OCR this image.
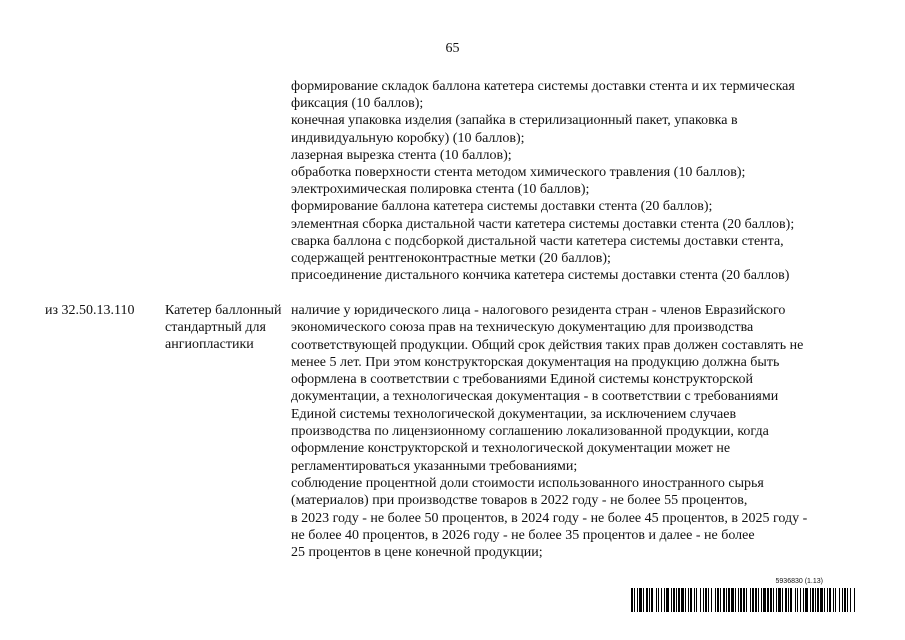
65
формирование складок баллона катетера системы доставки стента и их термическая
фиксация (10 баллов);
конечная упаковка изделия (запайка в стерилизационный пакет, упаковка в
индивидуальную коробку) (10 баллов);
лазерная вырезка стента (10 баллов);
обработка поверхности стента методом химического травления (10 баллов);
электрохимическая полировка стента (10 баллов);
формирование баллона катетера системы доставки стента (20 баллов);
элементная сборка дистальной части катетера системы доставки стента (20 баллов);
сварка баллона с подсборкой дистальной части катетера системы доставки стента,
содержащей рентгеноконтрастные метки (20 баллов);
присоединение дистального кончика катетера системы доставки стента (20 баллов)
из 32.50.13.110 Катетер баллонный
стандартный для
ангиопластики
наличие у юридического лица - налогового резидента стран - членов Евразийского
экономического союза прав на техническую документацию для производства
соответствующей продукции. Общий срок действия таких прав должен составлять не
менее 5 лет. При этом конструкторская документация на продукцию должна быть
оформлена в соответствии с требованиями Единой системы конструкторской
документации, а технологическая документация - в соответствии с требованиями
Единой системы технологической документации, за исключением случаев
производства по лицензионному соглашению локализованной продукции, когда
оформление конструкторской и технологической документации может не
регламентироваться указанными требованиями;
соблюдение процентной доли стоимости использованного иностранного сырья
(материалов) при производстве товаров в 2022 году - не более 55 процентов,
в 2023 году - не более 50 процентов, в 2024 году - не более 45 процентов, в 2025 году -
не более 40 процентов, в 2026 году - не более 35 процентов и далее - не более
25 процентов в цене конечной продукции;
5936830 (1.13)
